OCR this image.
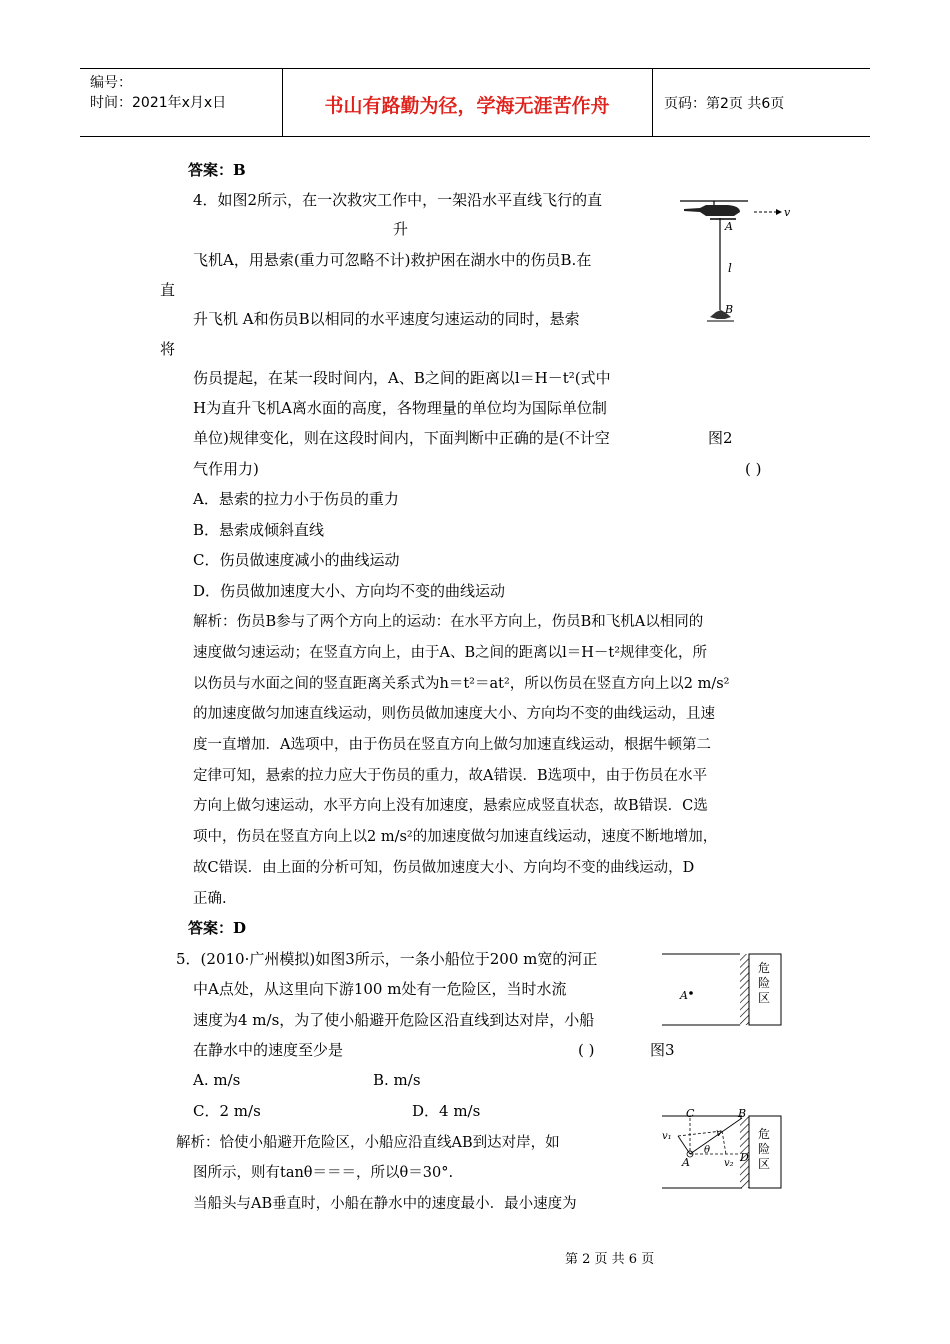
编号：
时间：2021年x月x日	书山有路勤为径，学海无涯苦作舟	页码：第2页 共6页
答案：B
4．如图2所示，在一次救灾工作中，一架沿水平直线飞行的直
升
飞机A，用悬索(重力可忽略不计)救护困在湖水中的伤员B.在
直
升飞机 A和伤员B以相同的水平速度匀速运动的同时，悬索
将
伤员提起，在某一段时间内，A、B之间的距离以l＝H－t²(式中
H为直升飞机A离水面的高度，各物理量的单位均为国际单位制
单位)规律变化，则在这段时间内，下面判断中正确的是(不计空	图2
气作用力)	( )
A．悬索的拉力小于伤员的重力
B．悬索成倾斜直线
C．伤员做速度减小的曲线运动
D．伤员做加速度大小、方向均不变的曲线运动
解析：伤员B参与了两个方向上的运动：在水平方向上，伤员B和飞机A以相同的
速度做匀速运动；在竖直方向上，由于A、B之间的距离以l＝H－t²规律变化，所
以伤员与水面之间的竖直距离关系式为h＝t²＝at²，所以伤员在竖直方向上以2 m/s²
的加速度做匀加速直线运动，则伤员做加速度大小、方向均不变的曲线运动，且速
度一直增加．A选项中，由于伤员在竖直方向上做匀加速直线运动，根据牛顿第二
定律可知，悬索的拉力应大于伤员的重力，故A错误．B选项中，由于伤员在水平
方向上做匀速运动，水平方向上没有加速度，悬索应成竖直状态，故B错误．C选
项中，伤员在竖直方向上以2 m/s²的加速度做匀加速直线运动，速度不断地增加，
故C错误．由上面的分析可知，伤员做加速度大小、方向均不变的曲线运动，D
正确.
答案：D
5．(2010·广州模拟)如图3所示，一条小船位于200 m宽的河正
中A点处，从这里向下游100 m处有一危险区，当时水流
速度为4 m/s，为了使小船避开危险区沿直线到达对岸，小船
在静水中的速度至少是	( )	图3
A. m/s	B. m/s
C．2 m/s	D．4 m/s
解析：恰使小船避开危险区，小船应沿直线AB到达对岸，如
图所示，则有tanθ＝＝＝，所以θ＝30°.
当船头与AB垂直时，小船在静水中的速度最小．最小速度为
v
A
l
B
危
险
区
A
危
险
区
C	B
v₁	v
A
θ
v₂ D
第 2 页 共 6 页
